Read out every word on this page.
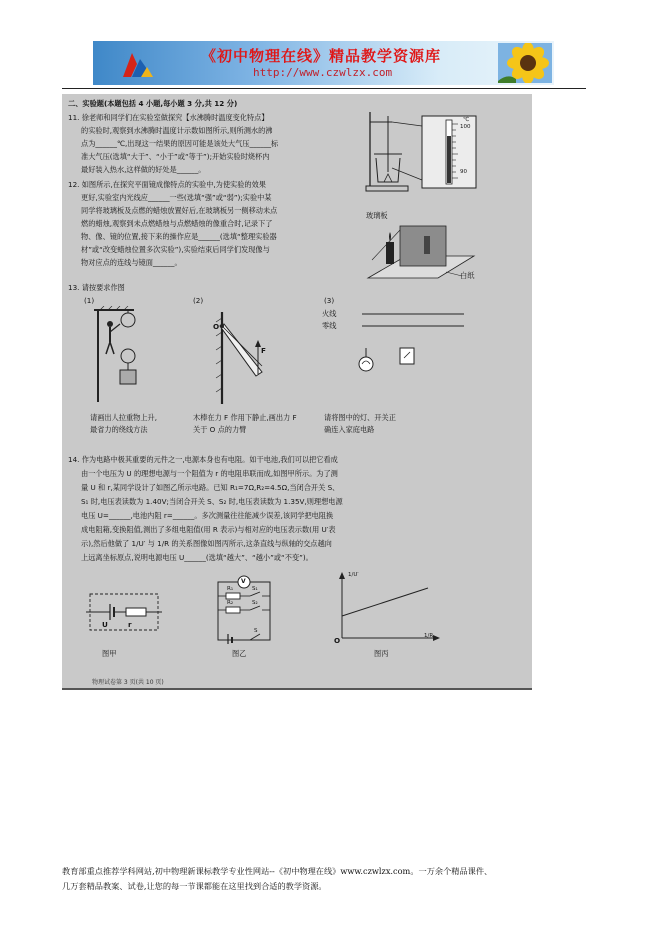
《初中物理在线》精品教学资源库
http://www.czwlzx.com
二、实验题(本题包括 4 小题,每小题 3 分,共 12 分)
11. 徐老师和同学们在实验室做探究【水沸腾时温度变化特点】
的实验时,观察到水沸腾时温度计示数如图所示,则所测水的沸
点为______℃,出现这一结果的原因可能是该处大气压______标
准大气压(选填“大于”、“小于”或“等于”);开始实验时烧杯内
最好装入热水,这样做的好处是______。
℃
100
90
12. 如图所示,在探究平面镜成像特点的实验中,为使实验的效果
更好,实验室内光线应______一些(选填“强”或“弱”);实验中某
同学将玻璃板及点燃的蜡烛放置好后,在玻璃板另一侧移动未点
燃的蜡烛,观察到未点燃蜡烛与点燃蜡烛的像重合时,记录下了
物、像、镜的位置,接下来的操作应是______(选填“整理实验器
材”或“改变蜡烛位置多次实验”),实验结束后同学们发现像与
物对应点的连线与镜面______。
玻璃板
白纸
13. 请按要求作图
(1)	(2)	(3)
O
F
火线
零线
请画出人拉重物上升,
最省力的绕线方法
木棒在力 F 作用下静止,画出力 F
关于 O 点的力臂
请将图中的灯、开关正
确连入家庭电路
14. 作为电路中极其重要的元件之一,电源本身也有电阻。如干电池,我们可以把它看成
由一个电压为 U 的理想电源与一个阻值为 r 的电阻串联而成,如图甲所示。为了测
量 U 和 r,某同学设计了如图乙所示电路。已知 R₁=7Ω,R₂=4.5Ω,当闭合开关 S、
S₁ 时,电压表读数为 1.40V;当闭合开关 S、S₂ 时,电压表读数为 1.35V,则理想电源
电压 U=______,电池内阻 r=______。多次测量往往能减少误差,该同学把电阻换
成电阻箱,变换阻值,测出了多组电阻值(用 R 表示)与相对应的电压表示数(用 U′表
示),然后他做了 1/U′ 与 1/R 的关系图像如图丙所示,这条直线与纵轴的交点越向
上远离坐标原点,说明电源电压 U______(选填“越大”、“越小”或“不变”)。
U	r
V
R₁	S₁
R₂	S₂
S
1/U′
1/R
O
图甲	图乙	图丙
物理试卷第 3 页(共 10 页)
教育部重点推荐学科网站,初中物理新课标教学专业性网站--《初中物理在线》www.czwlzx.com。一万余个精品课件、
几万套精品教案、试卷,让您的每一节课都能在这里找到合适的教学资源。
